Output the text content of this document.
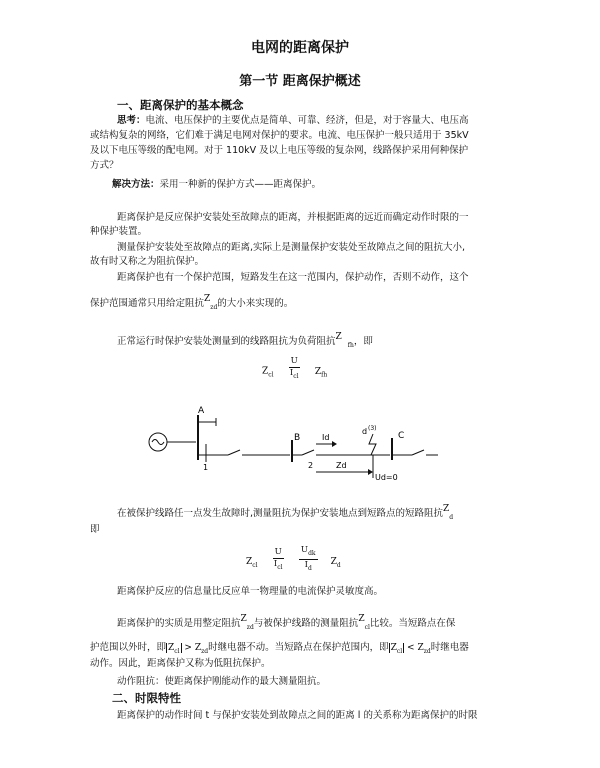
电网的距离保护
第一节 距离保护概述
一、距离保护的基本概念
思考：电流、电压保护的主要优点是简单、可靠、经济，但是，对于容量大、电压高
或结构复杂的网络，它们难于满足电网对保护的要求。电流、电压保护一般只适用于 35kV
及以下电压等级的配电网。对于 110kV 及以上电压等级的复杂网，线路保护采用何种保护
方式？
解决方法：采用一种新的保护方式——距离保护。
距离保护是反应保护安装处至故障点的距离，并根据距离的远近而确定动作时限的一
种保护装置。
测量保护安装处至故障点的距离,实际上是测量保护安装处至故障点之间的阻抗大小,
故有时又称之为阻抗保护。
距离保护也有一个保护范围，短路发生在这一范围内，保护动作，否则不动作，这个
保护范围通常只用给定阻抗$Z_{zd}$的大小来实现的。
正常运行时保护安装处测量到的线路阻抗为负荷阻抗$Z_{fh}$，即
$Z_{cl} \frac{U}{I_{cl}} Z_{fh}$
A
1
B
2
Id
d (3)
Zd
Ud=0
C
在被保护线路任一点发生故障时,测量阻抗为保护安装地点到短路点的短路阻抗$Z_d$
即
$Z_{cl} \frac{U}{I_{cl}}$
$\frac{U_{dk}}{I_d} Z_d$
距离保护反应的信息量比反应单一物理量的电流保护灵敏度高。
距离保护的实质是用整定阻抗$Z_{zd}$与被保护线路的测量阻抗$Z_{cl}$比较。当短路点在保
护范围以外时，即 $Z_{cl} > Z_{zd}$时继电器不动。当短路点在保护范围内，即 $Z_{cl} < Z_{zd}$时继电器
动作。因此，距离保护又称为低阻抗保护。
动作阻抗：使距离保护刚能动作的最大测量阻抗。
二、时限特性
距离保护的动作时间 t 与保护安装处到故障点之间的距离 l 的关系称为距离保护的时限
